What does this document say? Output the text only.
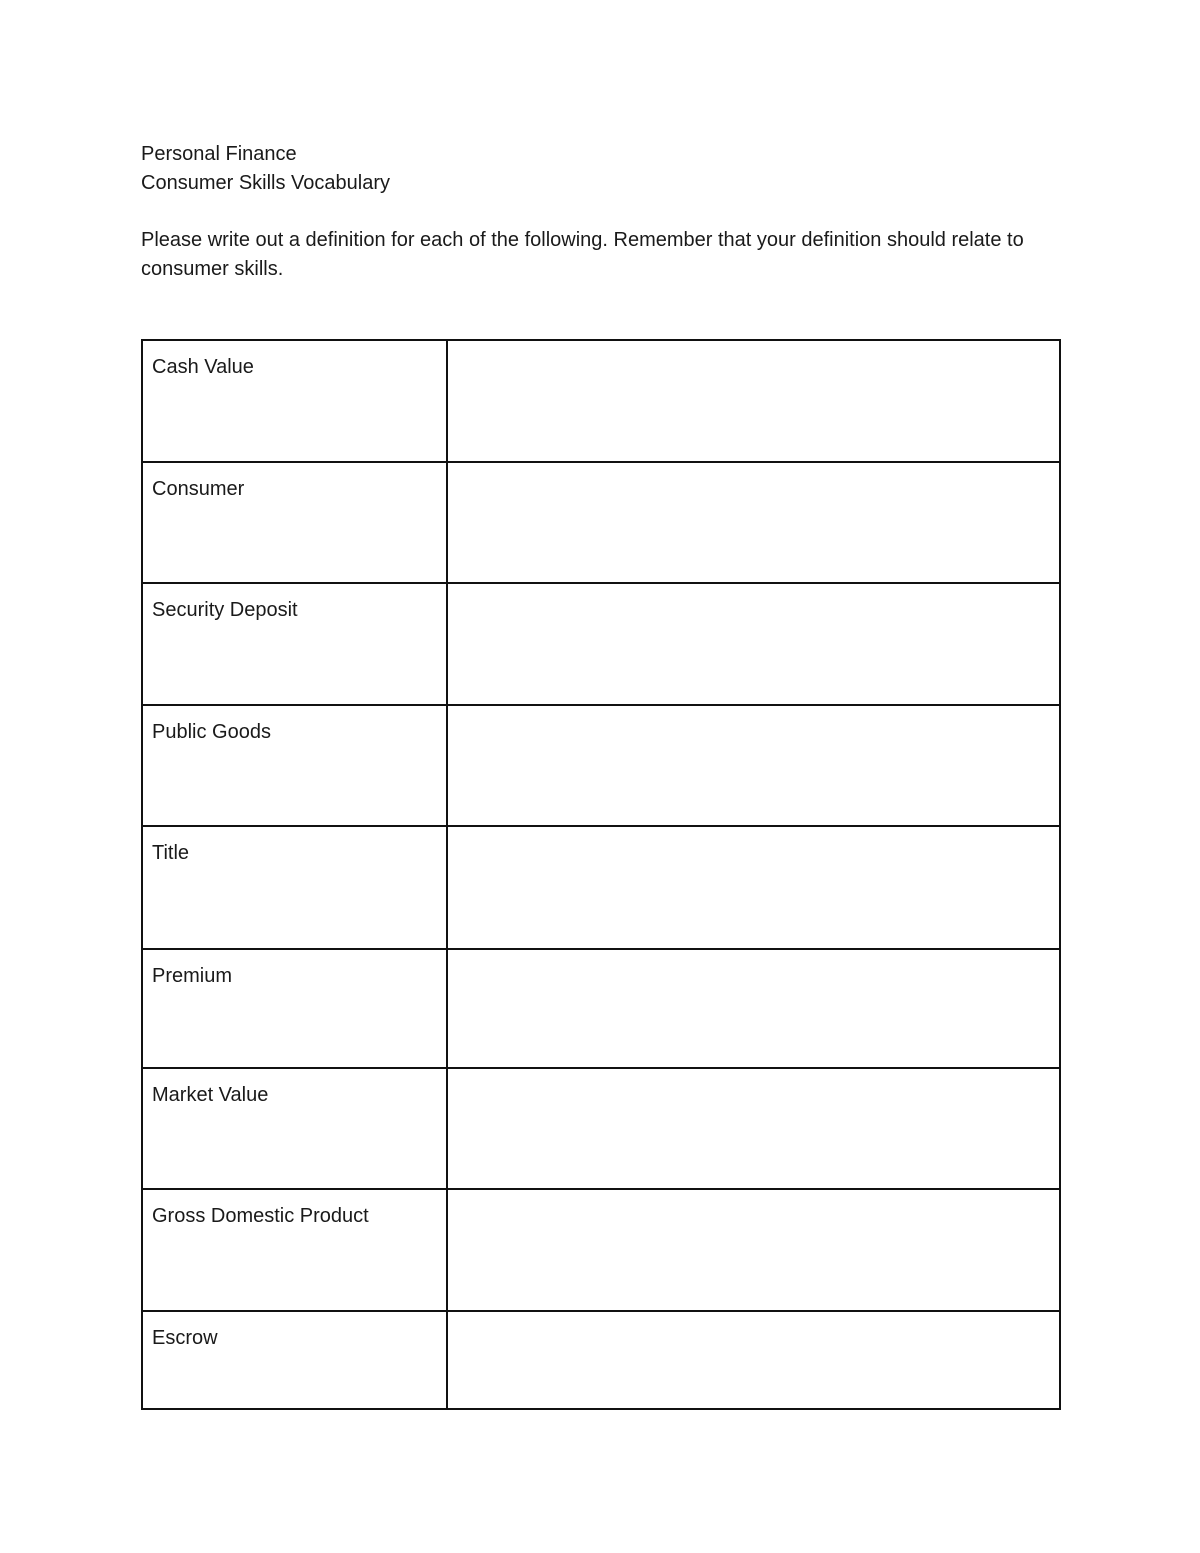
Personal Finance
Consumer Skills Vocabulary
Please write out a definition for each of the following. Remember that your definition should relate to consumer skills.
Cash Value	
Consumer	
Security Deposit	
Public Goods	
Title	
Premium	
Market Value	
Gross Domestic Product	
Escrow	
